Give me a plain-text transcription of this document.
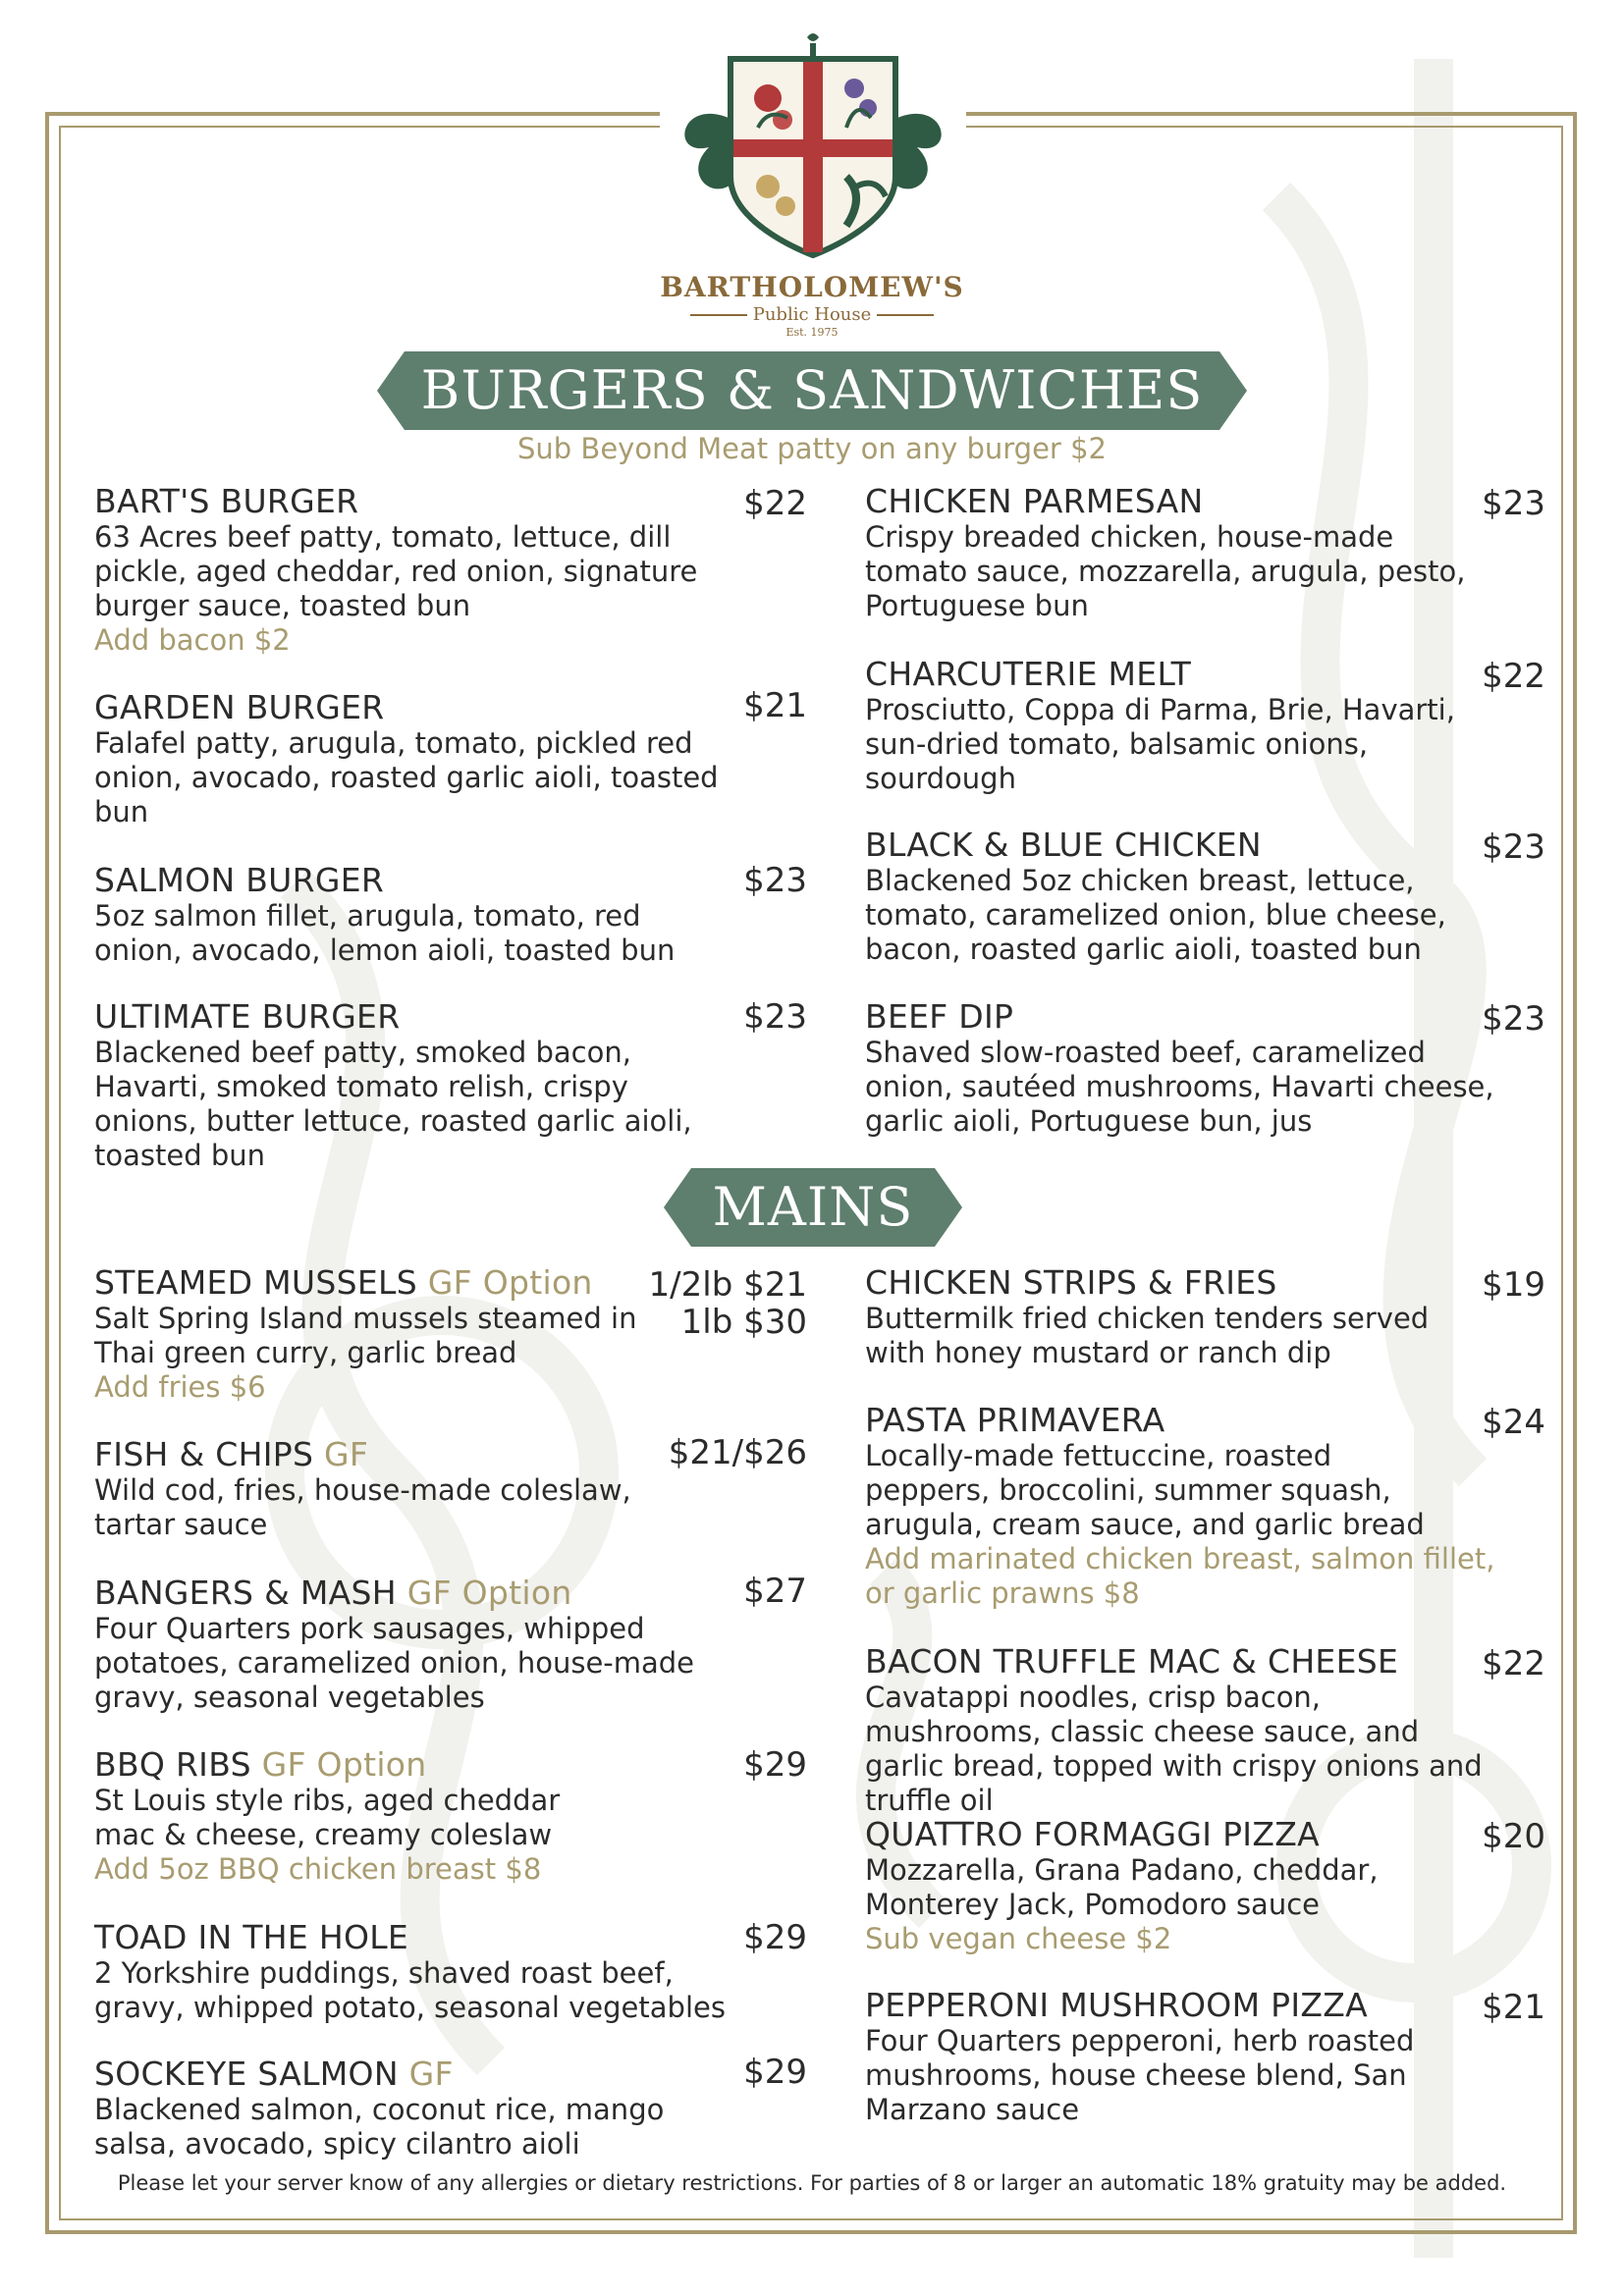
BARTHOLOMEW'S
Public House
Est. 1975
BURGERS & SANDWICHES
Sub Beyond Meat patty on any burger $2
BART'S BURGER
63 Acres beef patty, tomato, lettuce, dill pickle, aged cheddar, red onion, signature burger sauce, toasted bun
Add bacon $2
$22
GARDEN BURGER
Falafel patty, arugula, tomato, pickled red onion, avocado, roasted garlic aioli, toasted bun
$21
SALMON BURGER
5oz salmon fillet, arugula, tomato, red onion, avocado, lemon aioli, toasted bun
$23
ULTIMATE BURGER
Blackened beef patty, smoked bacon, Havarti, smoked tomato relish, crispy onions, butter lettuce, roasted garlic aioli, toasted bun
$23
CHICKEN PARMESAN
Crispy breaded chicken, house-made tomato sauce, mozzarella, arugula, pesto, Portuguese bun
$23
CHARCUTERIE MELT
Prosciutto, Coppa di Parma, Brie, Havarti, sun-dried tomato, balsamic onions, sourdough
$22
BLACK & BLUE CHICKEN
Blackened 5oz chicken breast, lettuce, tomato, caramelized onion, blue cheese, bacon, roasted garlic aioli, toasted bun
$23
BEEF DIP
Shaved slow-roasted beef, caramelized onion, sautéed mushrooms, Havarti cheese, garlic aioli, Portuguese bun, jus
$23
MAINS
STEAMED MUSSELS GF Option
Salt Spring Island mussels steamed in Thai green curry, garlic bread
Add fries $6
1/2lb $21
1lb $30
FISH & CHIPS GF
Wild cod, fries, house-made coleslaw, tartar sauce
$21/$26
BANGERS & MASH GF Option
Four Quarters pork sausages, whipped potatoes, caramelized onion, house-made gravy, seasonal vegetables
$27
BBQ RIBS GF Option
St Louis style ribs, aged cheddar mac & cheese, creamy coleslaw
Add 5oz BBQ chicken breast $8
$29
TOAD IN THE HOLE
2 Yorkshire puddings, shaved roast beef, gravy, whipped potato, seasonal vegetables
$29
SOCKEYE SALMON GF
Blackened salmon, coconut rice, mango salsa, avocado, spicy cilantro aioli
$29
CHICKEN STRIPS & FRIES
Buttermilk fried chicken tenders served with honey mustard or ranch dip
$19
PASTA PRIMAVERA
Locally-made fettuccine, roasted peppers, broccolini, summer squash, arugula, cream sauce, and garlic bread
Add marinated chicken breast, salmon fillet, or garlic prawns $8
$24
BACON TRUFFLE MAC & CHEESE
Cavatappi noodles, crisp bacon, mushrooms, classic cheese sauce, and garlic bread, topped with crispy onions and truffle oil
$22
QUATTRO FORMAGGI PIZZA
Mozzarella, Grana Padano, cheddar, Monterey Jack, Pomodoro sauce
Sub vegan cheese $2
$20
PEPPERONI MUSHROOM PIZZA
Four Quarters pepperoni, herb roasted mushrooms, house cheese blend, San Marzano sauce
$21
Please let your server know of any allergies or dietary restrictions. For parties of 8 or larger an automatic 18% gratuity may be added.
